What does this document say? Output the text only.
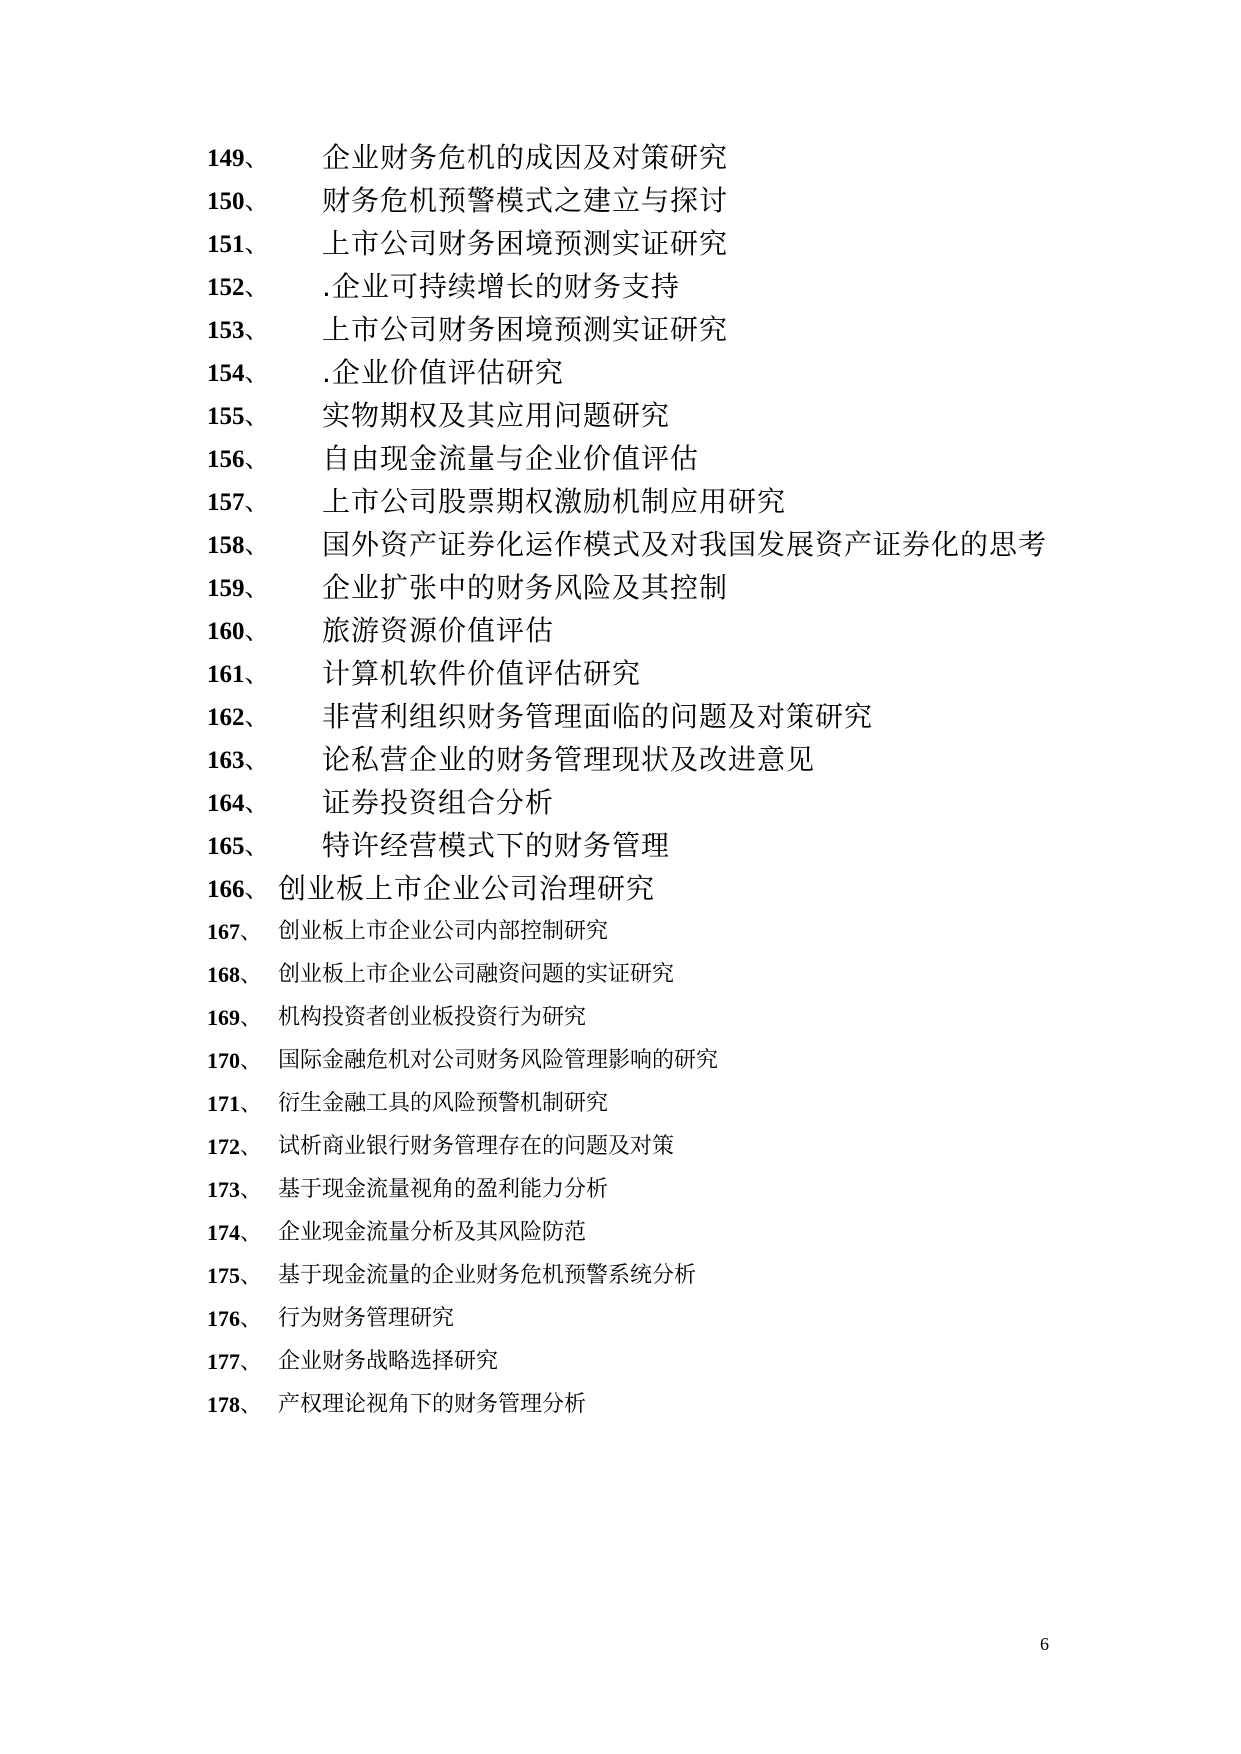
149、 企业财务危机的成因及对策研究
150、 财务危机预警模式之建立与探讨
151、 上市公司财务困境预测实证研究
152、 .企业可持续增长的财务支持
153、 上市公司财务困境预测实证研究
154、 .企业价值评估研究
155、 实物期权及其应用问题研究
156、 自由现金流量与企业价值评估
157、 上市公司股票期权激励机制应用研究
158、 国外资产证券化运作模式及对我国发展资产证券化的思考
159、 企业扩张中的财务风险及其控制
160、 旅游资源价值评估
161、 计算机软件价值评估研究
162、 非营利组织财务管理面临的问题及对策研究
163、 论私营企业的财务管理现状及改进意见
164、 证券投资组合分析
165、 特许经营模式下的财务管理
166、 创业板上市企业公司治理研究
167、 创业板上市企业公司内部控制研究
168、 创业板上市企业公司融资问题的实证研究
169、 机构投资者创业板投资行为研究
170、 国际金融危机对公司财务风险管理影响的研究
171、 衍生金融工具的风险预警机制研究
172、 试析商业银行财务管理存在的问题及对策
173、 基于现金流量视角的盈利能力分析
174、 企业现金流量分析及其风险防范
175、 基于现金流量的企业财务危机预警系统分析
176、 行为财务管理研究
177、 企业财务战略选择研究
178、 产权理论视角下的财务管理分析
6
